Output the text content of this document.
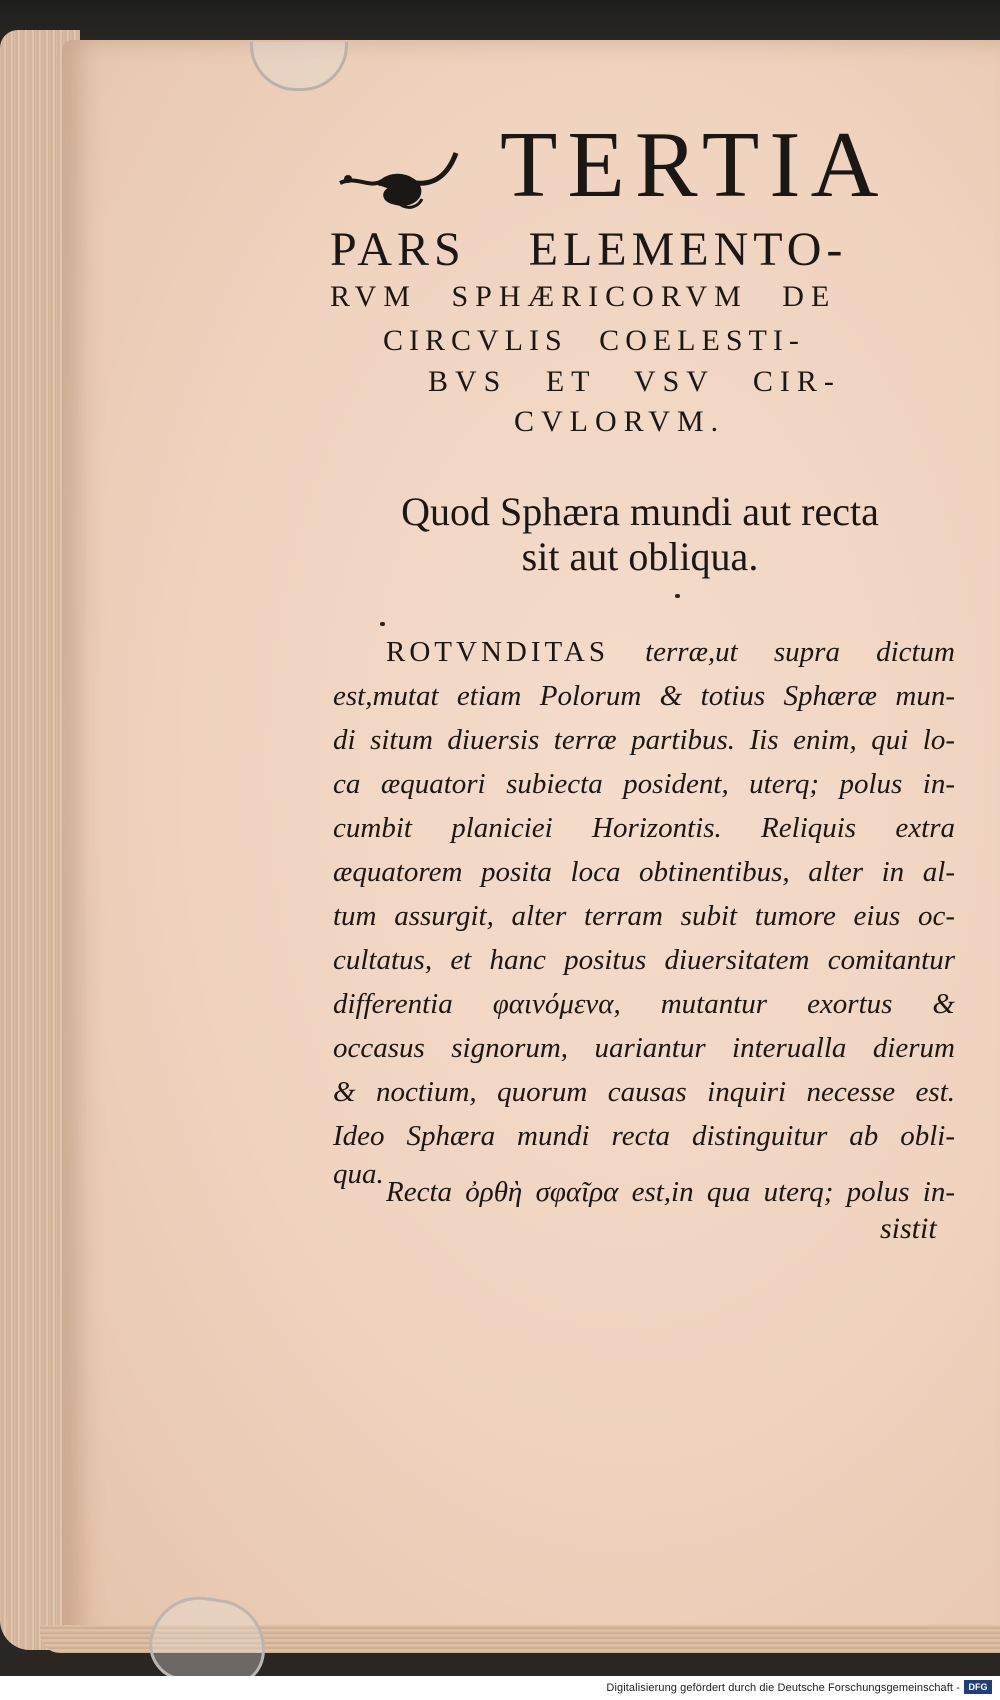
TERTIA
PARS ELEMENTO-
RVM SPHÆRICORVM DE
CIRCVLIS COELESTI-
BVS ET VSV CIR-
CVLORVM.
Quod Sphæra mundi aut recta
sit aut obliqua.
ROTVNDITAS terræ,ut supra dictum
est,mutat etiam Polorum & totius Sphæræ mun-
di situm diuersis terræ partibus. Iis enim, qui lo-
ca æquatori subiecta posident, uterq; polus in-
cumbit planiciei Horizontis. Reliquis extra
æquatorem posita loca obtinentibus, alter in al-
tum assurgit, alter terram subit tumore eius oc-
cultatus, et hanc positus diuersitatem comitantur
differentia φαινόμενα, mutantur exortus &
occasus signorum, uariantur interualla dierum
& noctium, quorum causas inquiri necesse est.
Ideo Sphæra mundi recta distinguitur ab obli-
qua.
Recta ὀρθὴ σφαῖρα est,in qua uterq; polus in-
sistit
Digitalisierung gefördert durch die Deutsche Forschungsgemeinschaft - DFG
